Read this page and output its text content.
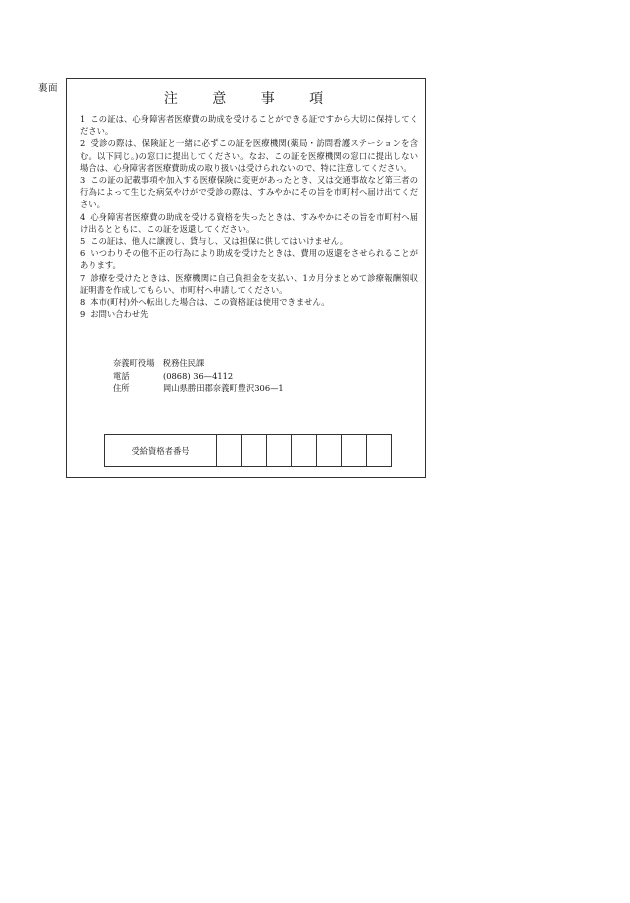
裏面
注 意 事 項
1 この証は、心身障害者医療費の助成を受けることができる証ですから大切に保持してください。
2 受診の際は、保険証と一緒に必ずこの証を医療機関(薬局・訪問看護ステーションを含む。以下同じ。)の窓口に提出してください。なお、この証を医療機関の窓口に提出しない場合は、心身障害者医療費助成の取り扱いは受けられないので、特に注意してください。
3 この証の記載事項や加入する医療保険に変更があったとき、又は交通事故など第三者の行為によって生じた病気やけがで受診の際は、すみやかにその旨を市町村へ届け出てください。
4 心身障害者医療費の助成を受ける資格を失ったときは、すみやかにその旨を市町村へ届け出るとともに、この証を返還してください。
5 この証は、他人に譲渡し、貸与し、又は担保に供してはいけません。
6 いつわりその他不正の行為により助成を受けたときは、費用の返還をさせられることがあります。
7 診療を受けたときは、医療機関に自己負担金を支払い、1カ月分まとめて診療報酬領収証明書を作成してもらい、市町村へ申請してください。
8 本市(町村)外へ転出した場合は、この資格証は使用できません。
9 お問い合わせ先
奈義町役場　税務住民課
電話	(0868) 36—4112
住所	岡山県勝田郡奈義町豊沢306—1
受給資格者番号							
